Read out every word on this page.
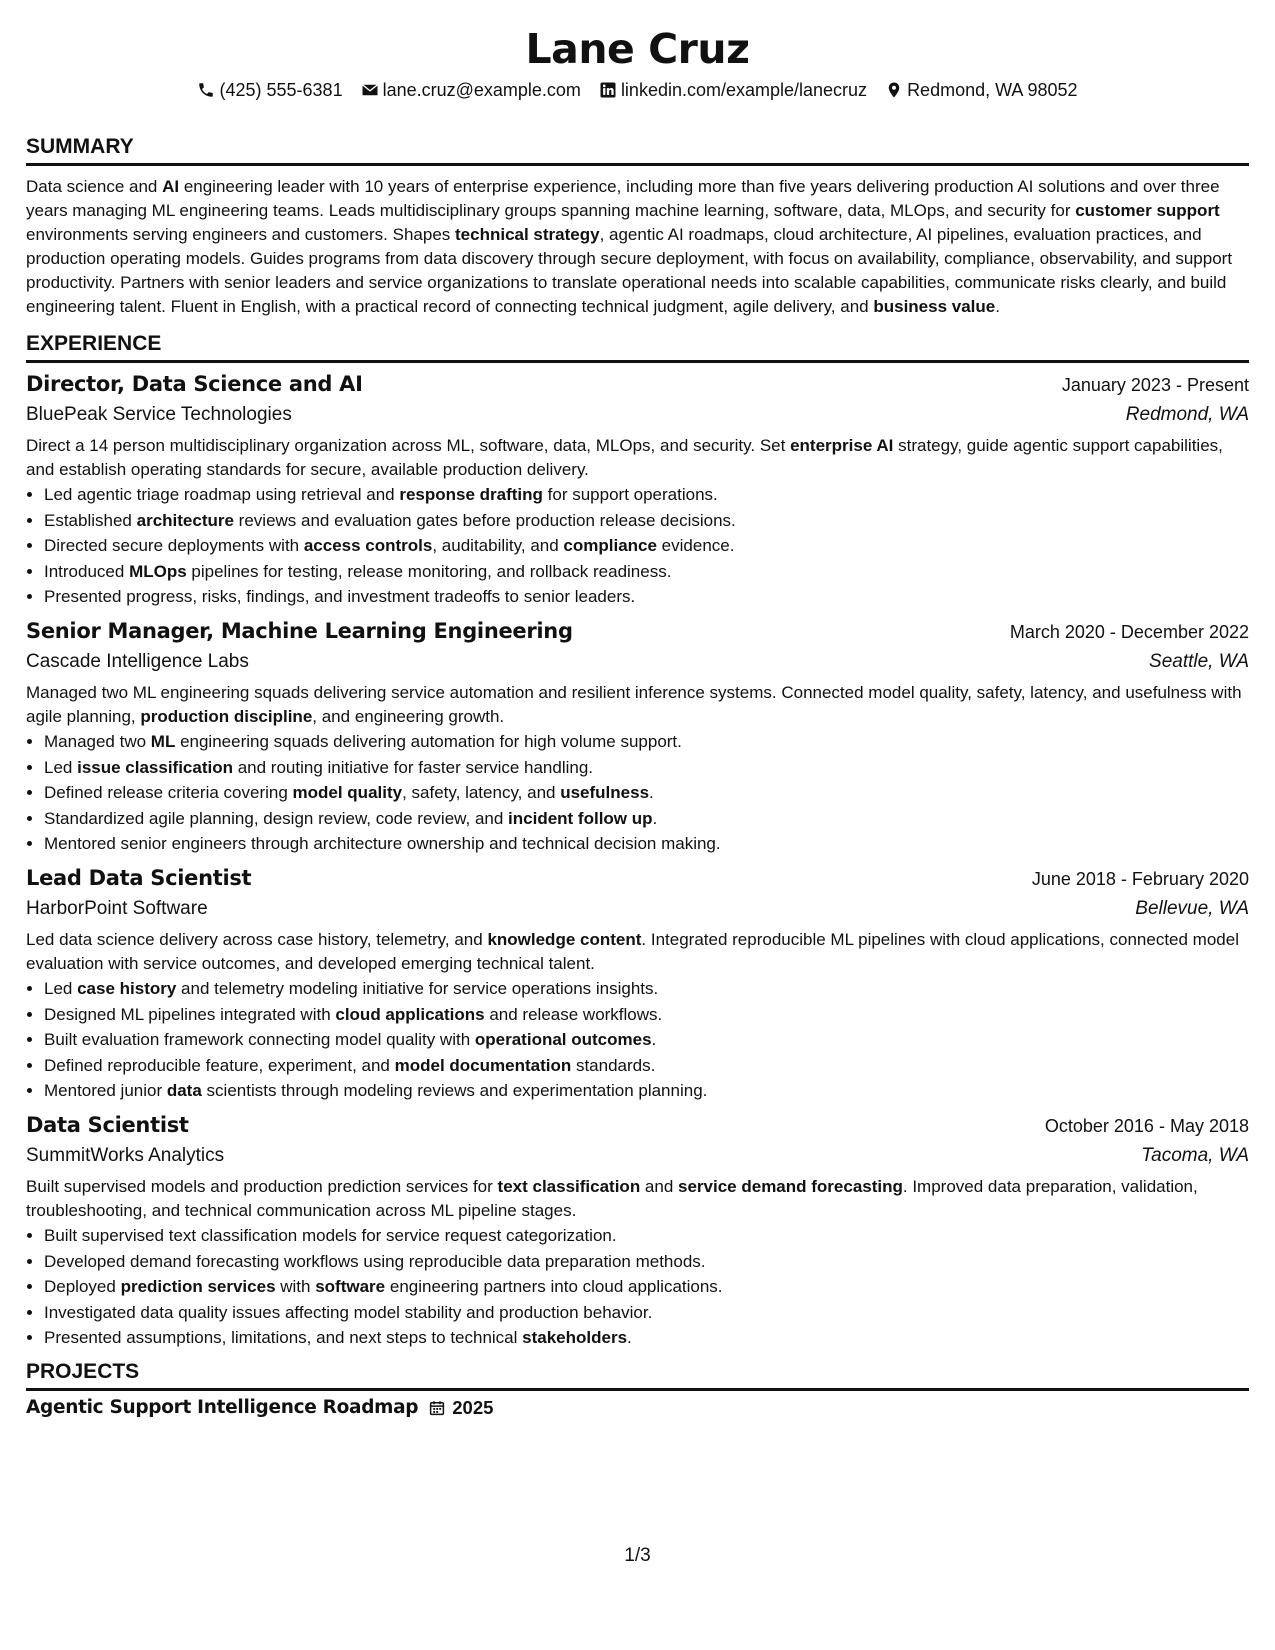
Lane Cruz
(425) 555-6381 lane.cruz@example.com linkedin.com/example/lanecruz Redmond, WA 98052
SUMMARY

Data science and AI engineering leader with 10 years of enterprise experience, including more than five years delivering production AI solutions and over three years managing ML engineering teams. Leads multidisciplinary groups spanning machine learning, software, data, MLOps, and security for customer support environments serving engineers and customers. Shapes technical strategy, agentic AI roadmaps, cloud architecture, AI pipelines, evaluation practices, and production operating models. Guides programs from data discovery through secure deployment, with focus on availability, compliance, observability, and support productivity. Partners with senior leaders and service organizations to translate operational needs into scalable capabilities, communicate risks clearly, and build engineering talent. Fluent in English, with a practical record of connecting technical judgment, agile delivery, and business value.

EXPERIENCE
Director, Data Science and AI	January 2023 - Present
BluePeak Service Technologies	Redmond, WA

Direct a 14 person multidisciplinary organization across ML, software, data, MLOps, and security. Set enterprise AI strategy, guide agentic support capabilities, and establish operating standards for secure, available production delivery.

• Led agentic triage roadmap using retrieval and response drafting for support operations.
• Established architecture reviews and evaluation gates before production release decisions.
• Directed secure deployments with access controls, auditability, and compliance evidence.
• Introduced MLOps pipelines for testing, release monitoring, and rollback readiness.
• Presented progress, risks, findings, and investment tradeoffs to senior leaders.
Senior Manager, Machine Learning Engineering	March 2020 - December 2022
Cascade Intelligence Labs	Seattle, WA

Managed two ML engineering squads delivering service automation and resilient inference systems. Connected model quality, safety, latency, and usefulness with agile planning, production discipline, and engineering growth.

• Managed two ML engineering squads delivering automation for high volume support.
• Led issue classification and routing initiative for faster service handling.
• Defined release criteria covering model quality, safety, latency, and usefulness.
• Standardized agile planning, design review, code review, and incident follow up.
• Mentored senior engineers through architecture ownership and technical decision making.
Lead Data Scientist	June 2018 - February 2020
HarborPoint Software	Bellevue, WA

Led data science delivery across case history, telemetry, and knowledge content. Integrated reproducible ML pipelines with cloud applications, connected model evaluation with service outcomes, and developed emerging technical talent.

• Led case history and telemetry modeling initiative for service operations insights.
• Designed ML pipelines integrated with cloud applications and release workflows.
• Built evaluation framework connecting model quality with operational outcomes.
• Defined reproducible feature, experiment, and model documentation standards.
• Mentored junior data scientists through modeling reviews and experimentation planning.
Data Scientist	October 2016 - May 2018
SummitWorks Analytics	Tacoma, WA

Built supervised models and production prediction services for text classification and service demand forecasting. Improved data preparation, validation, troubleshooting, and technical communication across ML pipeline stages.

• Built supervised text classification models for service request categorization.
• Developed demand forecasting workflows using reproducible data preparation methods.
• Deployed prediction services with software engineering partners into cloud applications.
• Investigated data quality issues affecting model stability and production behavior.
• Presented assumptions, limitations, and next steps to technical stakeholders.
PROJECTS
Agentic Support Intelligence Roadmap 2025
1/3
